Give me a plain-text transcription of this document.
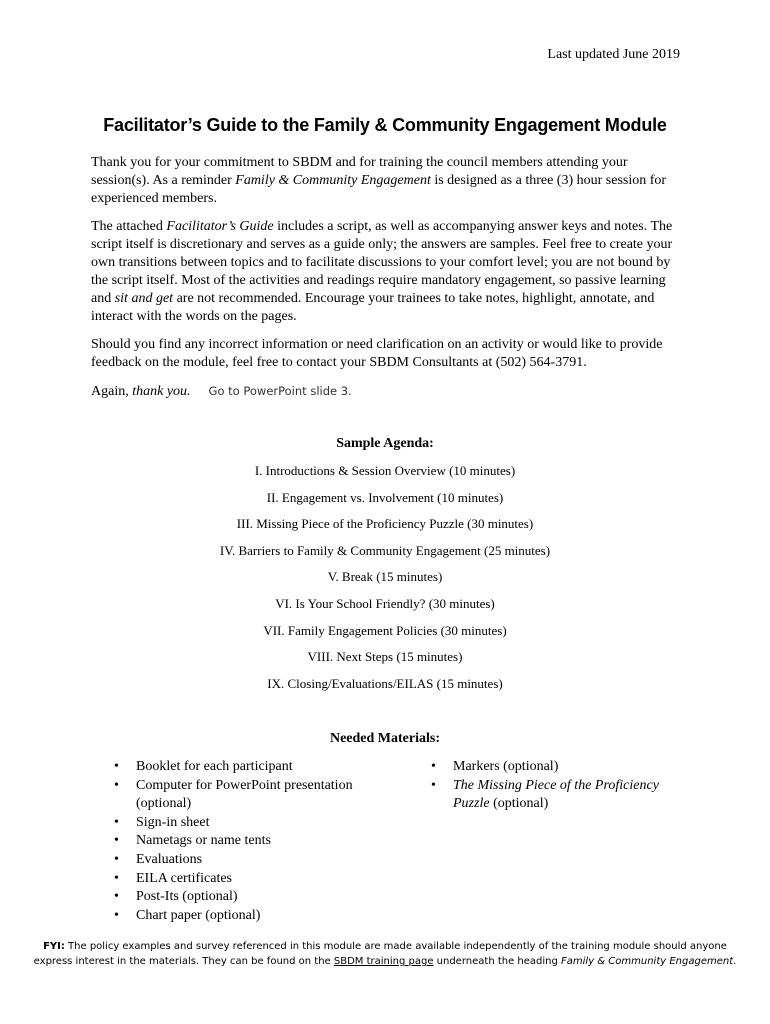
Last updated June 2019
Facilitator’s Guide to the Family & Community Engagement Module

Thank you for your commitment to SBDM and for training the council members attending your session(s). As a reminder Family & Community Engagement is designed as a three (3) hour session for experienced members.

The attached Facilitator’s Guide includes a script, as well as accompanying answer keys and notes. The script itself is discretionary and serves as a guide only; the answers are samples. Feel free to create your own transitions between topics and to facilitate discussions to your comfort level; you are not bound by the script itself. Most of the activities and readings require mandatory engagement, so passive learning and sit and get are not recommended. Encourage your trainees to take notes, highlight, annotate, and interact with the words on the pages.

Should you find any incorrect information or need clarification on an activity or would like to provide feedback on the module, feel free to contact your SBDM Consultants at (502) 564-3791.

Again, thank you. Go to PowerPoint slide 3.

Sample Agenda:
I. Introductions & Session Overview (10 minutes)
II. Engagement vs. Involvement (10 minutes)
III. Missing Piece of the Proficiency Puzzle (30 minutes)
IV. Barriers to Family & Community Engagement (25 minutes)
V. Break (15 minutes)
VI. Is Your School Friendly? (30 minutes)
VII. Family Engagement Policies (30 minutes)
VIII. Next Steps (15 minutes)
IX. Closing/Evaluations/EILAS (15 minutes)
Needed Materials:
• Booklet for each participant
• Computer for PowerPoint presentation (optional)
• Sign-in sheet
• Nametags or name tents
• Evaluations
• EILA certificates
• Post-Its (optional)
• Chart paper (optional)
• Markers (optional)
• The Missing Piece of the Proficiency Puzzle (optional)
FYI: The policy examples and survey referenced in this module are made available independently of the training module should anyone express interest in the materials. They can be found on the SBDM training page underneath the heading Family & Community Engagement.
